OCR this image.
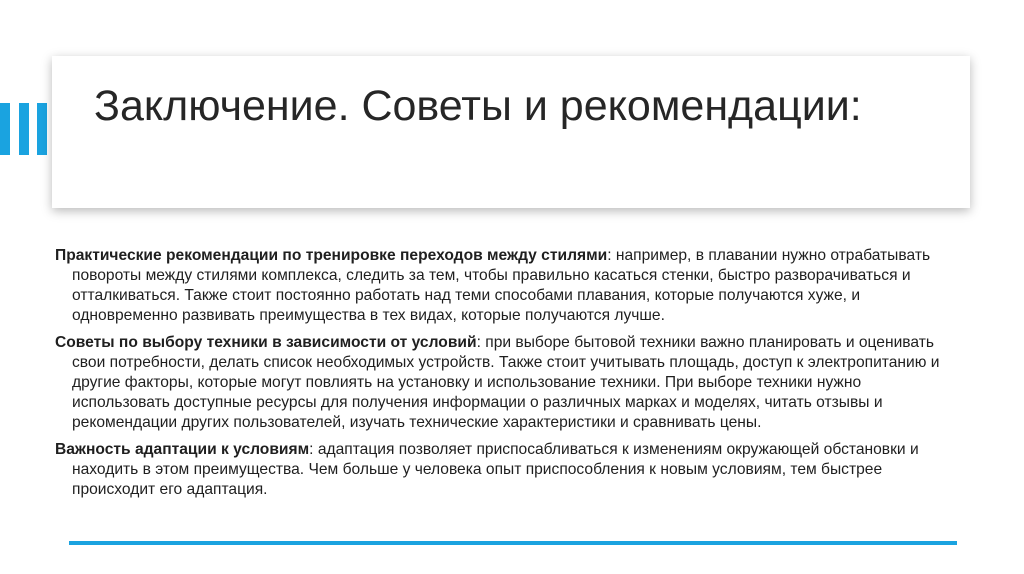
Заключение. Советы и рекомендации:

Практические рекомендации по тренировке переходов между стилями: например, в плавании нужно отрабатывать повороты между стилями комплекса, следить за тем, чтобы правильно касаться стенки, быстро разворачиваться и отталкиваться. Также стоит постоянно работать над теми способами плавания, которые получаются хуже, и одновременно развивать преимущества в тех видах, которые получаются лучше.

Советы по выбору техники в зависимости от условий: при выборе бытовой техники важно планировать и оценивать свои потребности, делать список необходимых устройств. Также стоит учитывать площадь, доступ к электропитанию и другие факторы, которые могут повлиять на установку и использование техники. При выборе техники нужно использовать доступные ресурсы для получения информации о различных марках и моделях, читать отзывы и рекомендации других пользователей, изучать технические характеристики и сравнивать цены.

Важность адаптации к условиям: адаптация позволяет приспосабливаться к изменениям окружающей обстановки и находить в этом преимущества. Чем больше у человека опыт приспособления к новым условиям, тем быстрее происходит его адаптация.
